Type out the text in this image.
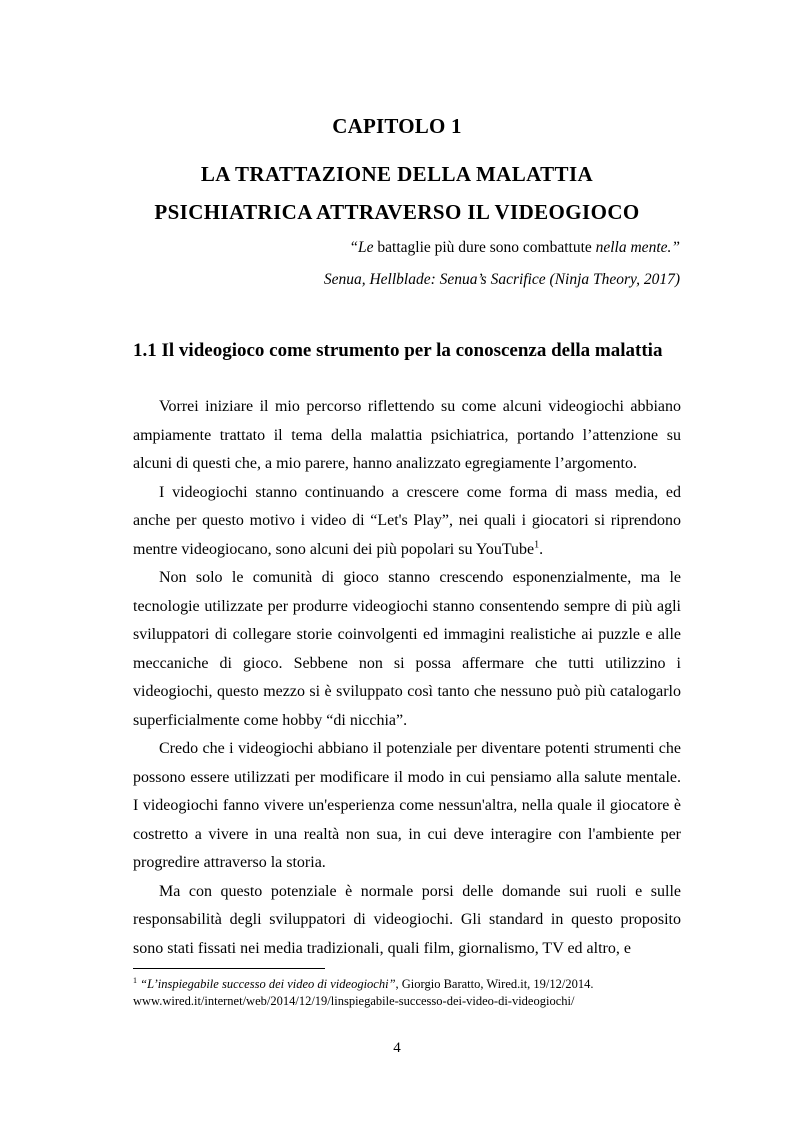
CAPITOLO 1
LA TRATTAZIONE DELLA MALATTIA
PSICHIATRICA ATTRAVERSO IL VIDEOGIOCO
“Le battaglie più dure sono combattute nella mente.”
Senua, Hellblade: Senua’s Sacrifice (Ninja Theory, 2017)
1.1 Il videogioco come strumento per la conoscenza della malattia

Vorrei iniziare il mio percorso riflettendo su come alcuni videogiochi abbiano ampiamente trattato il tema della malattia psichiatrica, portando l’attenzione su alcuni di questi che, a mio parere, hanno analizzato egregiamente l’argomento.

I videogiochi stanno continuando a crescere come forma di mass media, ed anche per questo motivo i video di “Let's Play”, nei quali i giocatori si riprendono mentre videogiocano, sono alcuni dei più popolari su YouTube$^1$.

Non solo le comunità di gioco stanno crescendo esponenzialmente, ma le tecnologie utilizzate per produrre videogiochi stanno consentendo sempre di più agli sviluppatori di collegare storie coinvolgenti ed immagini realistiche ai puzzle e alle meccaniche di gioco. Sebbene non si possa affermare che tutti utilizzino i videogiochi, questo mezzo si è sviluppato così tanto che nessuno può più catalogarlo superficialmente come hobby “di nicchia”.

Credo che i videogiochi abbiano il potenziale per diventare potenti strumenti che possono essere utilizzati per modificare il modo in cui pensiamo alla salute mentale. I videogiochi fanno vivere un'esperienza come nessun'altra, nella quale il giocatore è costretto a vivere in una realtà non sua, in cui deve interagire con l'ambiente per progredire attraverso la storia.

Ma con questo potenziale è normale porsi delle domande sui ruoli e sulle responsabilità degli sviluppatori di videogiochi. Gli standard in questo proposito sono stati fissati nei media tradizionali, quali film, giornalismo, TV ed altro, e

$^1$ “L’inspiegabile successo dei video di videogiochi”, Giorgio Baratto, Wired.it, 19/12/2014.
www.wired.it/internet/web/2014/12/19/linspiegabile-successo-dei-video-di-videogiochi/
4
